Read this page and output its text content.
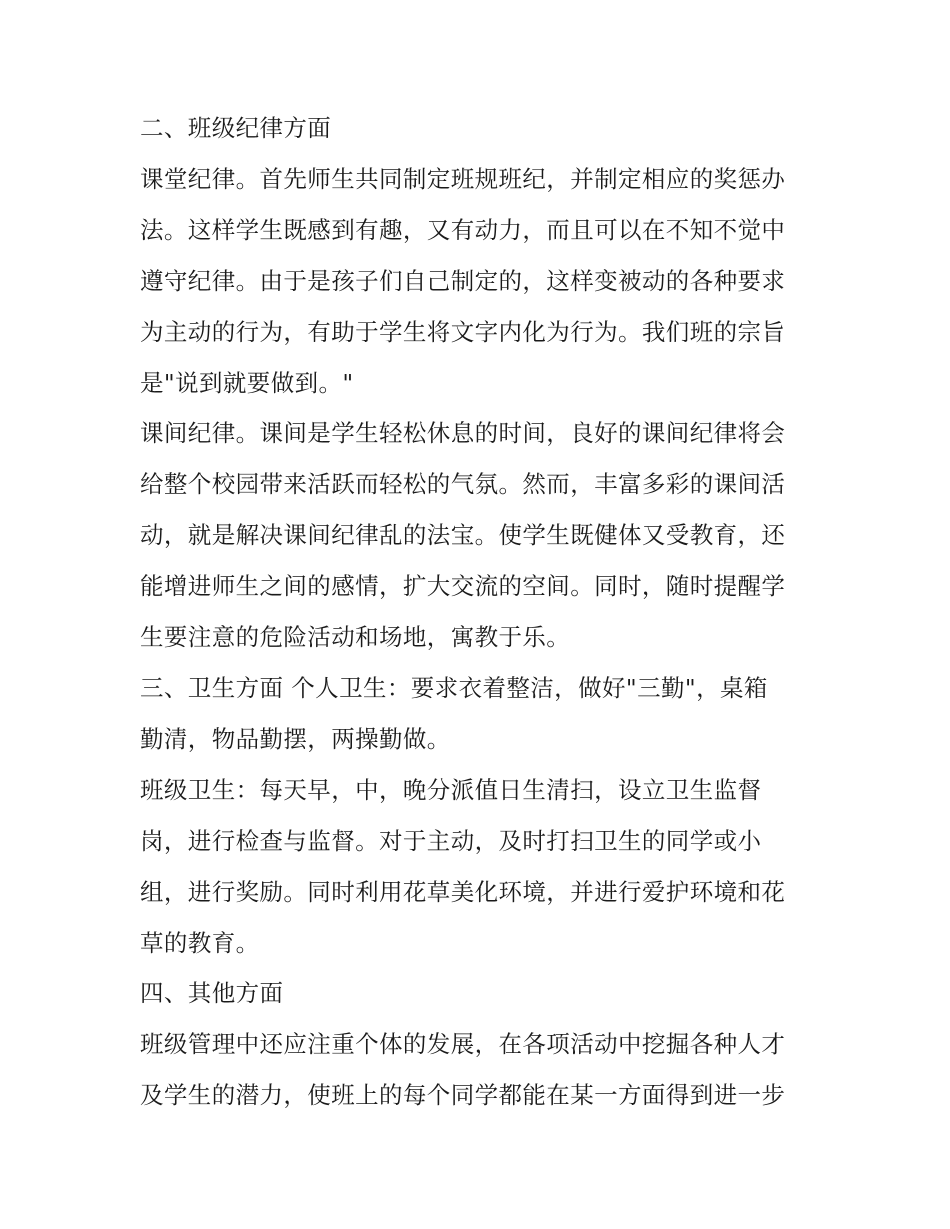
二、班级纪律方面

课堂纪律。首先师生共同制定班规班纪，并制定相应的奖惩办
法。这样学生既感到有趣，又有动力，而且可以在不知不觉中
遵守纪律。由于是孩子们自己制定的，这样变被动的各种要求
为主动的行为，有助于学生将文字内化为行为。我们班的宗旨
是"说到就要做到。"

课间纪律。课间是学生轻松休息的时间，良好的课间纪律将会
给整个校园带来活跃而轻松的气氛。然而，丰富多彩的课间活
动，就是解决课间纪律乱的法宝。使学生既健体又受教育，还
能增进师生之间的感情，扩大交流的空间。同时，随时提醒学
生要注意的危险活动和场地，寓教于乐。

三、卫生方面 个人卫生：要求衣着整洁，做好"三勤"，桌箱
勤清，物品勤摆，两操勤做。

班级卫生：每天早，中，晚分派值日生清扫，设立卫生监督
岗，进行检查与监督。对于主动，及时打扫卫生的同学或小
组，进行奖励。同时利用花草美化环境，并进行爱护环境和花
草的教育。

四、其他方面

班级管理中还应注重个体的发展，在各项活动中挖掘各种人才
及学生的潜力，使班上的每个同学都能在某一方面得到进一步
